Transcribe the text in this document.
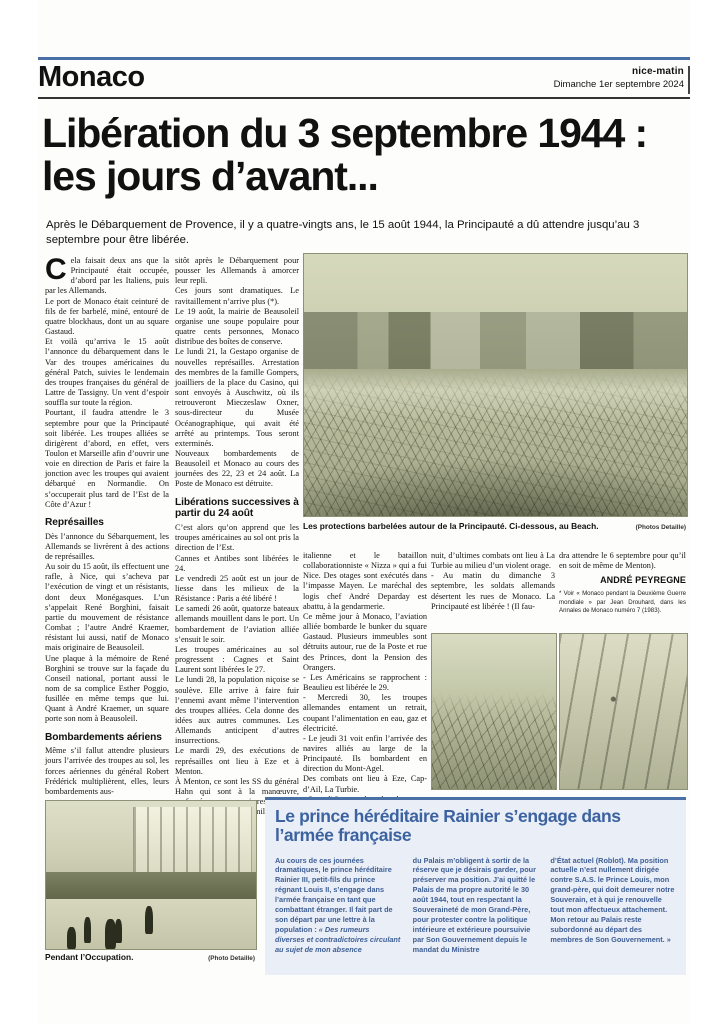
Monaco	nice-matin
Dimanche 1er septembre 2024
Libération du 3 septembre 1944 : les jours d’avant...
Après le Débarquement de Provence, il y a quatre-vingts ans, le 15 août 1944, la Principauté a dû attendre jusqu’au 3 septembre pour être libérée.

Cela faisait deux ans que la Principauté était occupée, d’abord par les Italiens, puis par les Allemands.

Le port de Monaco était ceinturé de fils de fer barbelé, miné, entouré de quatre blockhaus, dont un au square Gastaud.

Et voilà qu’arriva le 15 août l’annonce du débarquement dans le Var des troupes américaines du général Patch, suivies le lendemain des troupes françaises du général de Lattre de Tassigny. Un vent d’espoir souffla sur toute la région.

Pourtant, il faudra attendre le 3 septembre pour que la Principauté soit libérée. Les troupes alliées se dirigèrent d’abord, en effet, vers Toulon et Marseille afin d’ouvrir une voie en direction de Paris et faire la jonction avec les troupes qui avaient débarqué en Normandie. On s’occuperait plus tard de l’Est de la Côte d’Azur !

Représailles

Dès l’annonce du Sébarquement, les Allemands se livrèrent à des actions de représailles.

Au soir du 15 août, ils effectuent une rafle, à Nice, qui s’acheva par l’exécution de vingt et un résistants, dont deux Monégasques. L’un s’appelait René Borghini, faisait partie du mouvement de résistance Combat ; l’autre André Kraemer, résistant lui aussi, natif de Monaco mais originaire de Beausoleil.

Une plaque à la mémoire de René Borghini se trouve sur la façade du Conseil national, portant aussi le nom de sa complice Esther Poggio, fusillée en même temps que lui. Quant à André Kraemer, un square porte son nom à Beausoleil.

Bombardements aériens

Même s’il fallut attendre plusieurs jours l’arrivée des troupes au sol, les forces aériennes du général Robert Frédérick multiplièrent, elles, leurs bombardements aus-

sitôt après le Débarquement pour pousser les Allemands à amorcer leur repli.

Ces jours sont dramatiques. Le ravitaillement n’arrive plus (*).

Le 19 août, la mairie de Beausoleil organise une soupe populaire pour quatre cents personnes, Monaco distribue des boîtes de conserve.

Le lundi 21, la Gestapo organise de nouvelles représailles. Arrestation des membres de la famille Gompers, joailliers de la place du Casino, qui sont envoyés à Auschwitz, où ils retrouveront Mieczeslaw Oxner, sous-directeur du Musée Océanographique, qui avait été arrêté au printemps. Tous seront exterminés.

Nouveaux bombardements de Beausoleil et Monaco au cours des journées des 22, 23 et 24 août. La Poste de Monaco est détruite.

Libérations successives à partir du 24 août

C’est alors qu’on apprend que les troupes américaines au sol ont pris la direction de l’Est.

Cannes et Antibes sont libérées le 24.

Le vendredi 25 août est un jour de liesse dans les milieux de la Résistance : Paris a été libéré !

Le samedi 26 août, quatorze bateaux allemands mouillent dans le port. Un bombardement de l’aviation alliée s’ensuit le soir.

Les troupes américaines au sol progressent : Cagnes et Saint Laurent sont libérées le 27.

Le lundi 28, la population niçoise se soulève. Elle arrive à faire fuir l’ennemi avant même l’intervention des troupes alliées. Cela donne des idées aux autres communes. Les Allemands anticipent d’autres insurrections.

Le mardi 29, des exécutions de représailles ont lieu à Eze et à Menton.

À Menton, ce sont les SS du général Hahn qui sont à la manœuvre,

Les protections barbelées autour de la Principauté. Ci-dessous, au Beach.	(Photos Detaille)

italienne et le bataillon collaborationniste « Nizza » qui a fui Nice. Des otages sont exécutés dans l’impasse Mayen. Le maréchal des logis chef André Deparday est abattu, à la gendarmerie.

Ce même jour à Monaco, l’aviation alliée bombarde le bunker du square Gastaud. Plusieurs immeubles sont détruits autour, rue de la Poste et rue des Princes, dont la Pension des Orangers.

- Les Américains se rapprochent : Beaulieu est libérée le 29.

- Mercredi 30, les troupes allemandes entament un retrait, coupant l’alimentation en eau, gaz et électricité.

- Le jeudi 31 voit enfin l’arrivée des navires alliés au large de la Principauté. Ils bombardent en direction du Mont-Agel.

Des combats ont lieu à Eze, Cap-d’Ail, La Turbie.

nuit, d’ultimes combats ont lieu à La Turbie au milieu d’un violent orage.

- Au matin du dimanche 3 septembre, les soldats allemands désertent les rues de Monaco. La Principauté est libérée ! (Il fau-

dra attendre le 6 septembre pour qu’il en soit de même de Menton).

ANDRÉ PEYREGNE
* Voir « Monaco pendant la Deuxième Guerre mondiale » par Jean Drouhard, dans les Annales de Monaco numéro 7 (1983).
Pendant l’Occupation.	(Photo Detaille)
Le prince héréditaire Rainier s’engage dans l’armée française
Au cours de ces journées dramatiques, le prince héréditaire Rainier III, petit-fils du prince régnant Louis II, s’engage dans l’armée française en tant que combattant étranger. Il fait part de son départ par une lettre à la population : « Des rumeurs diverses et contradictoires circulant au sujet de mon absence
du Palais m’obligent à sortir de la réserve que je désirais garder, pour préserver ma position. J’ai quitté le Palais de ma propre autorité le 30 août 1944, tout en respectant la Souveraineté de mon Grand-Père, pour protester contre la politique intérieure et extérieure poursuivie par Son Gouvernement depuis le mandat du Ministre
d’État actuel (Roblot). Ma position actuelle n’est nullement dirigée contre S.A.S. le Prince Louis, mon grand-père, qui doit demeurer notre Souverain, et à qui je renouvelle tout mon affectueux attachement. Mon retour au Palais reste subordonné au départ des membres de Son Gouvernement. »
